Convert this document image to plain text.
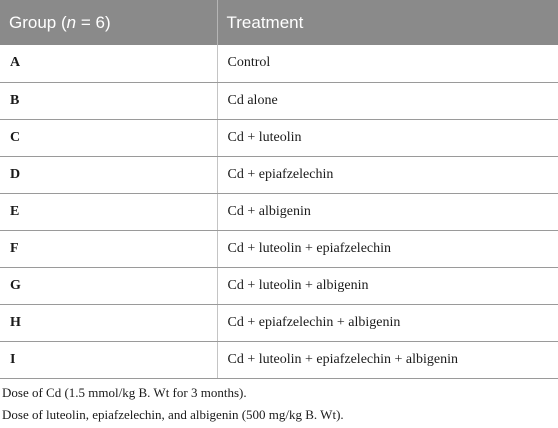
Group (n = 6)	Treatment
A	Control
B	Cd alone
C	Cd + luteolin
D	Cd + epiafzelechin
E	Cd + albigenin
F	Cd + luteolin + epiafzelechin
G	Cd + luteolin + albigenin
H	Cd + epiafzelechin + albigenin
I	Cd + luteolin + epiafzelechin + albigenin
Dose of Cd (1.5 mmol/kg B. Wt for 3 months).
Dose of luteolin, epiafzelechin, and albigenin (500 mg/kg B. Wt).
